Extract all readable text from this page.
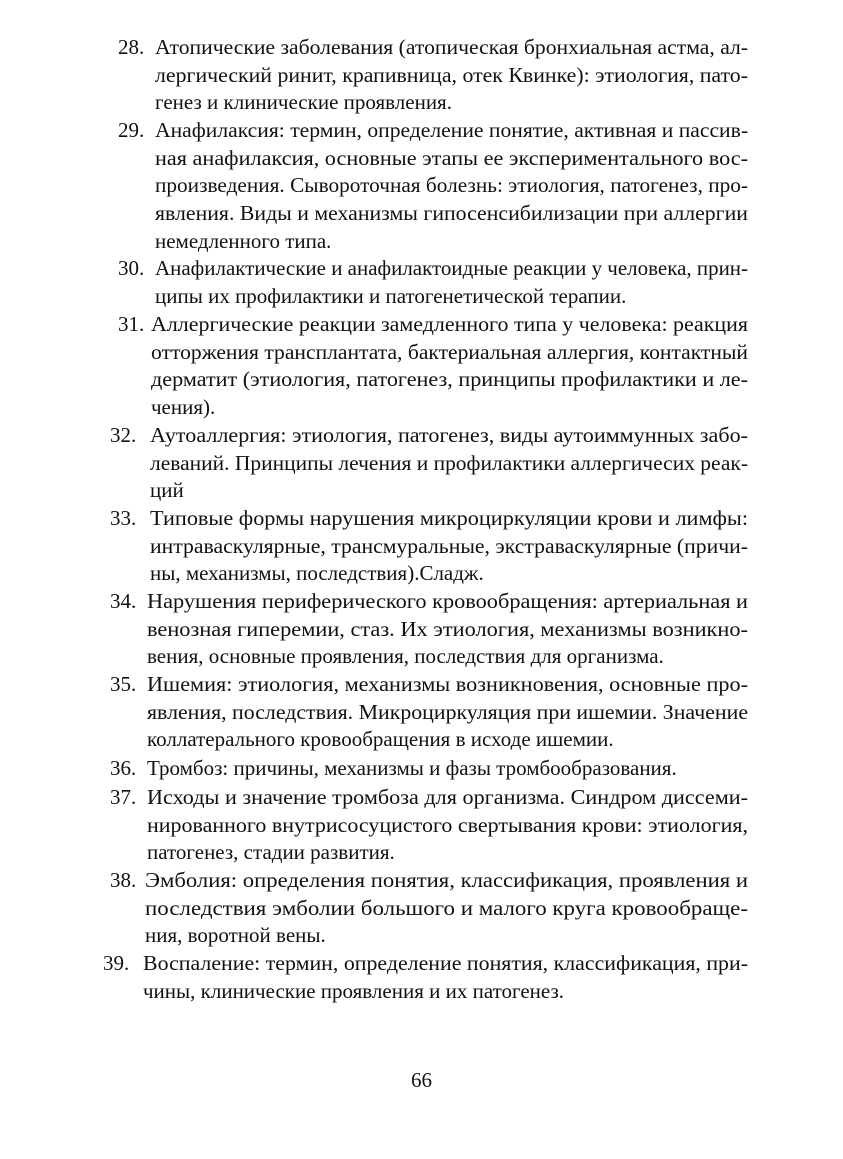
28. Атопические заболевания (атопическая бронхиальная астма, ал-
лергический ринит, крапивница, отек Квинке): этиология, пато-
генез и клинические проявления.
29. Анафилаксия: термин, определение понятие, активная и пассив-
ная анафилаксия, основные этапы ее экспериментального вос-
произведения. Сывороточная болезнь: этиология, патогенез, про-
явления. Виды и механизмы гипосенсибилизации при аллергии
немедленного типа.
30. Анафилактические и анафилактоидные реакции у человека, прин-
ципы их профилактики и патогенетической терапии.
31. Аллергические реакции замедленного типа у человека: реакция
отторжения трансплантата, бактериальная аллергия, контактный
дерматит (этиология, патогенез, принципы профилактики и ле-
чения).
32. Аутоаллергия: этиология, патогенез, виды аутоиммунных забо-
леваний. Принципы лечения и профилактики аллергичесих реак-
ций
33. Типовые формы нарушения микроциркуляции крови и лимфы:
интраваскулярные, трансмуральные, экстраваскулярные (причи-
ны, механизмы, последствия).Сладж.
34. Нарушения периферического кровообращения: артериальная и
венозная гиперемии, стаз. Их этиология, механизмы возникно-
вения, основные проявления, последствия для организма.
35. Ишемия: этиология, механизмы возникновения, основные про-
явления, последствия. Микроциркуляция при ишемии. Значение
коллатерального кровообращения в исходе ишемии.
36. Тромбоз: причины, механизмы и фазы тромбообразования.
37. Исходы и значение тромбоза для организма. Синдром диссеми-
нированного внутрисосуцистого свертывания крови: этиология,
патогенез, стадии развития.
38. Эмболия: определения понятия, классификация, проявления и
последствия эмболии большого и малого круга кровообраще-
ния, воротной вены.
39. Воспаление: термин, определение понятия, классификация, при-
чины, клинические проявления и их патогенез.
66
